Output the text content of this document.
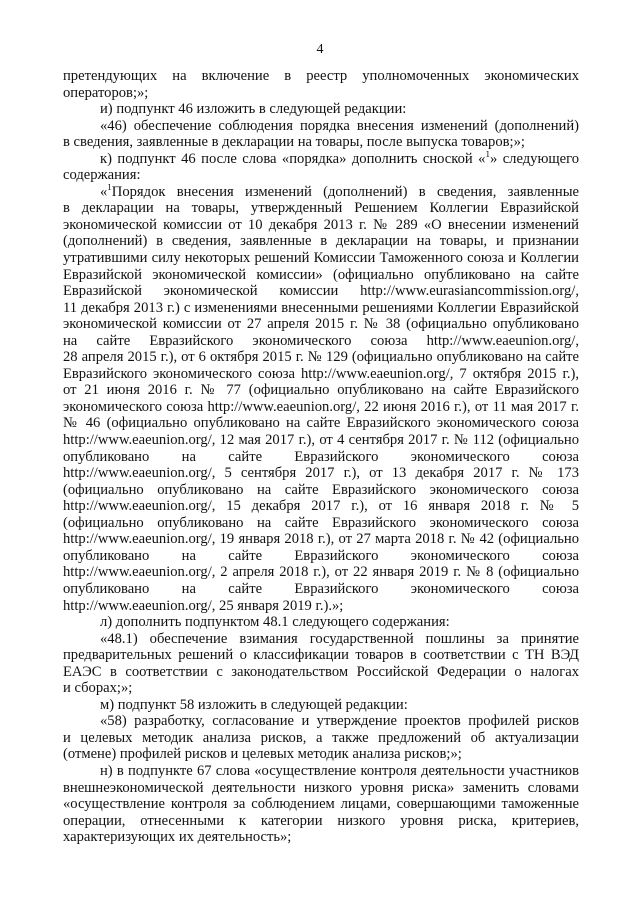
4
претендующих на включение в реестр уполномоченных экономических
операторов;»;
и) подпункт 46 изложить в следующей редакции:
«46) обеспечение соблюдения порядка внесения изменений (дополнений)
в сведения, заявленные в декларации на товары, после выпуска товаров;»;
к) подпункт 46 после слова «порядка» дополнить сноской «$^1$» следующего
содержания:
«$^1$Порядок внесения изменений (дополнений) в сведения, заявленные
в декларации на товары, утвержденный Решением Коллегии Евразийской
экономической комиссии от 10 декабря 2013 г. № 289 «О внесении изменений
(дополнений) в сведения, заявленные в декларации на товары, и признании
утратившими силу некоторых решений Комиссии Таможенного союза и Коллегии
Евразийской экономической комиссии» (официально опубликовано на сайте
Евразийской экономической комиссии http://www.eurasiancommission.org/,
11 декабря 2013 г.) с изменениями внесенными решениями Коллегии Евразийской
экономической комиссии от 27 апреля 2015 г. № 38 (официально опубликовано
на сайте Евразийского экономического союза http://www.eaeunion.org/,
28 апреля 2015 г.), от 6 октября 2015 г. № 129 (официально опубликовано на сайте
Евразийского экономического союза http://www.eaeunion.org/, 7 октября 2015 г.),
от 21 июня 2016 г. № 77 (официально опубликовано на сайте Евразийского
экономического союза http://www.eaeunion.org/, 22 июня 2016 г.), от 11 мая 2017 г.
№ 46 (официально опубликовано на сайте Евразийского экономического союза
http://www.eaeunion.org/, 12 мая 2017 г.), от 4 сентября 2017 г. № 112 (официально
опубликовано на сайте Евразийского экономического союза
http://www.eaeunion.org/, 5 сентября 2017 г.), от 13 декабря 2017 г. № 173
(официально опубликовано на сайте Евразийского экономического союза
http://www.eaeunion.org/, 15 декабря 2017 г.), от 16 января 2018 г. № 5
(официально опубликовано на сайте Евразийского экономического союза
http://www.eaeunion.org/, 19 января 2018 г.), от 27 марта 2018 г. № 42 (официально
опубликовано на сайте Евразийского экономического союза
http://www.eaeunion.org/, 2 апреля 2018 г.), от 22 января 2019 г. № 8 (официально
опубликовано на сайте Евразийского экономического союза
http://www.eaeunion.org/, 25 января 2019 г.).»;
л) дополнить подпунктом 48.1 следующего содержания:
«48.1) обеспечение взимания государственной пошлины за принятие
предварительных решений о классификации товаров в соответствии с ТН ВЭД
ЕАЭС в соответствии с законодательством Российской Федерации о налогах
и сборах;»;
м) подпункт 58 изложить в следующей редакции:
«58) разработку, согласование и утверждение проектов профилей рисков
и целевых методик анализа рисков, а также предложений об актуализации
(отмене) профилей рисков и целевых методик анализа рисков;»;
н) в подпункте 67 слова «осуществление контроля деятельности участников
внешнеэкономической деятельности низкого уровня риска» заменить словами
«осуществление контроля за соблюдением лицами, совершающими таможенные
операции, отнесенными к категории низкого уровня риска, критериев,
характеризующих их деятельность»;
